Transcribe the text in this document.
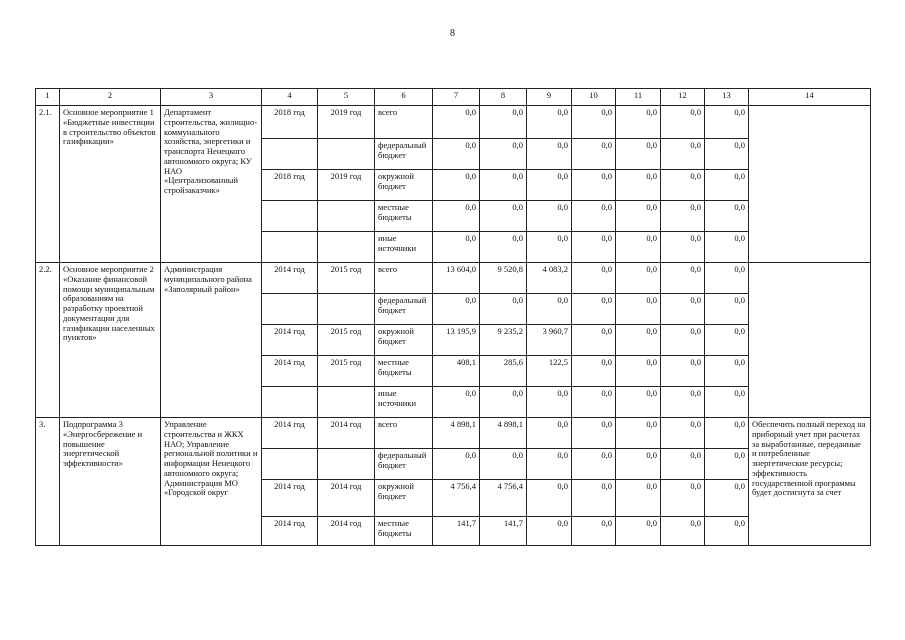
8
1	2	3	4	5	6	7	8	9	10	11	12	13	14
2.1.	Основное мероприятие 1 «Бюджетные инвестиции в строительство объектов газификации»	Департамент строительства, жилищно-коммунального хозяйства, энергетики и транспорта Ненецкого автономного округа; КУ НАО «Централизованный стройзаказчик»	2018 год	2019 год	всего	0,0	0,0	0,0	0,0	0,0	0,0	0,0	
					федеральный бюджет	0,0	0,0	0,0	0,0	0,0	0,0	0,0	
			2018 год	2019 год	окружной бюджет	0,0	0,0	0,0	0,0	0,0	0,0	0,0	
					местные бюджеты	0,0	0,0	0,0	0,0	0,0	0,0	0,0	
					иные источники	0,0	0,0	0,0	0,0	0,0	0,0	0,0	
2.2.	Основное мероприятие 2 «Оказание финансовой помощи муниципальным образованиям на разработку проектной документации для газификации населенных пунктов»	Администрация муниципального района «Заполярный район»	2014 год	2015 год	всего	13 604,0	9 520,8	4 083,2	0,0	0,0	0,0	0,0	
					федеральный бюджет	0,0	0,0	0,0	0,0	0,0	0,0	0,0	
			2014 год	2015 год	окружной бюджет	13 195,9	9 235,2	3 960,7	0,0	0,0	0,0	0,0	
			2014 год	2015 год	местные бюджеты	408,1	285,6	122,5	0,0	0,0	0,0	0,0	
					иные источники	0,0	0,0	0,0	0,0	0,0	0,0	0,0	
3.	Подпрограмма 3 «Энергосбережение и повышение энергетической эффективности»	Управление строительства и ЖКХ НАО; Управление региональной политики и информации Ненецкого автономного округа; Администрация МО «Городской округ	2014 год	2014 год	всего	4 898,1	4 898,1	0,0	0,0	0,0	0,0	0,0	Обеспечить полный переход на приборный учет при расчетах за выработанные, переданные и потребленные энергетические ресурсы; эффективность государственной программы будет достигнута за счет
					федеральный бюджет	0,0	0,0	0,0	0,0	0,0	0,0	0,0	
			2014 год	2014 год	окружной бюджет	4 756,4	4 756,4	0,0	0,0	0,0	0,0	0,0	
			2014 год	2014 год	местные бюджеты	141,7	141,7	0,0	0,0	0,0	0,0	0,0	
